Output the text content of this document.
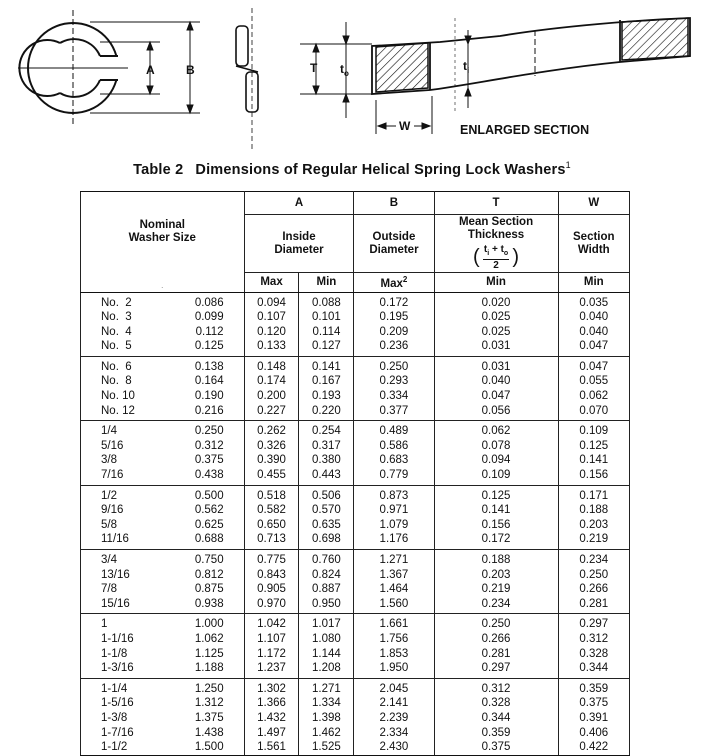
A	B	T $t_o$
$t_i$
W	ENLARGED SECTION
Table 2 Dimensions of Regular Helical Spring Lock Washers$^1$
Nominal Washer Size	A		B	T	W

	Inside Diameter		Outside Diameter	Mean Section Thickness
( $\frac{t_i + t_o}{2}$ )	Section Width

.	Max	Min	Max$^2$	Min	Min

No.  2 0.086	0.094	0.088	0.172	0.020	0.035

No.  3 0.099	0.107	0.101	0.195	0.025	0.040

No.  4 0.112	0.120	0.114	0.209	0.025	0.040

No.  5 0.125	0.133	0.127	0.236	0.031	0.047

No.  6 0.138	0.148	0.141	0.250	0.031	0.047

No.  8 0.164	0.174	0.167	0.293	0.040	0.055

No. 10 0.190	0.200	0.193	0.334	0.047	0.062

No. 12 0.216	0.227	0.220	0.377	0.056	0.070

1/4 0.250	0.262	0.254	0.489	0.062	0.109

5/16 0.312	0.326	0.317	0.586	0.078	0.125

3/8 0.375	0.390	0.380	0.683	0.094	0.141

7/16 0.438	0.455	0.443	0.779	0.109	0.156

1/2 0.500	0.518	0.506	0.873	0.125	0.171

9/16 0.562	0.582	0.570	0.971	0.141	0.188

5/8 0.625	0.650	0.635	1.079	0.156	0.203

11/16 0.688	0.713	0.698	1.176	0.172	0.219

3/4 0.750	0.775	0.760	1.271	0.188	0.234

13/16 0.812	0.843	0.824	1.367	0.203	0.250

7/8 0.875	0.905	0.887	1.464	0.219	0.266

15/16 0.938	0.970	0.950	1.560	0.234	0.281

1 1.000	1.042	1.017	1.661	0.250	0.297

1-1/16 1.062	1.107	1.080	1.756	0.266	0.312

1-1/8 1.125	1.172	1.144	1.853	0.281	0.328

1-3/16 1.188	1.237	1.208	1.950	0.297	0.344

1-1/4 1.250	1.302	1.271	2.045	0.312	0.359

1-5/16 1.312	1.366	1.334	2.141	0.328	0.375

1-3/8 1.375	1.432	1.398	2.239	0.344	0.391

1-7/16 1.438	1.497	1.462	2.334	0.359	0.406

1-1/2 1.500	1.561	1.525	2.430	0.375	0.422
